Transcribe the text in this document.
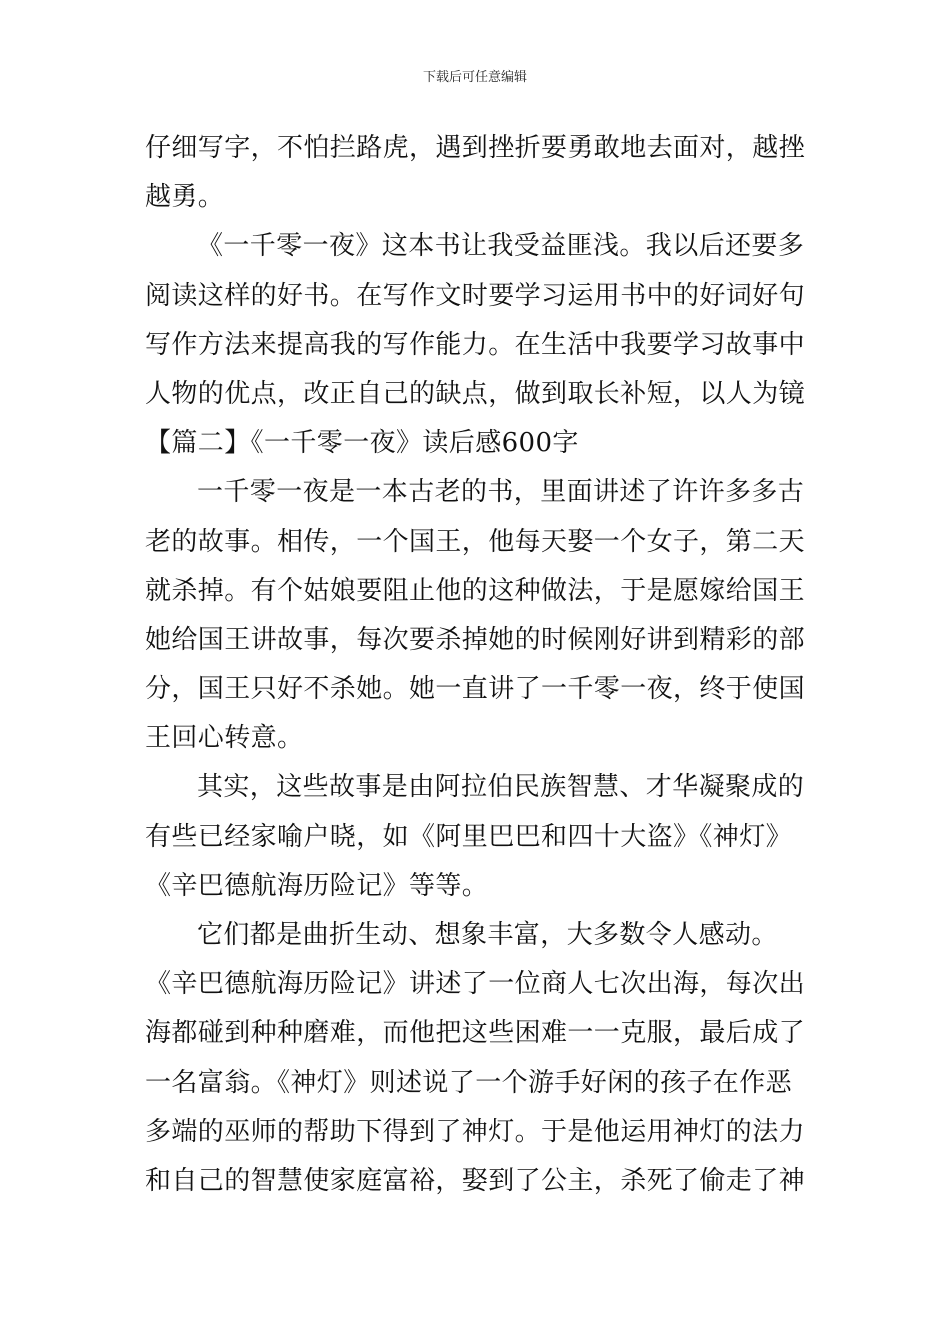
下载后可任意编辑
仔细写字，不怕拦路虎，遇到挫折要勇敢地去面对，越挫
越勇。
《一千零一夜》这本书让我受益匪浅。我以后还要多
阅读这样的好书。在写作文时要学习运用书中的好词好句
写作方法来提高我的写作能力。在生活中我要学习故事中
人物的优点，改正自己的缺点，做到取长补短，以人为镜
【篇二】《一千零一夜》读后感600字
一千零一夜是一本古老的书，里面讲述了许许多多古
老的故事。相传，一个国王，他每天娶一个女子，第二天
就杀掉。有个姑娘要阻止他的这种做法，于是愿嫁给国王
她给国王讲故事，每次要杀掉她的时候刚好讲到精彩的部
分，国王只好不杀她。她一直讲了一千零一夜，终于使国
王回心转意。
其实，这些故事是由阿拉伯民族智慧、才华凝聚成的
有些已经家喻户晓，如《阿里巴巴和四十大盗》《神灯》
《辛巴德航海历险记》等等。
它们都是曲折生动、想象丰富，大多数令人感动。
《辛巴德航海历险记》讲述了一位商人七次出海，每次出
海都碰到种种磨难，而他把这些困难一一克服，最后成了
一名富翁。《神灯》则述说了一个游手好闲的孩子在作恶
多端的巫师的帮助下得到了神灯。于是他运用神灯的法力
和自己的智慧使家庭富裕，娶到了公主，杀死了偷走了神
